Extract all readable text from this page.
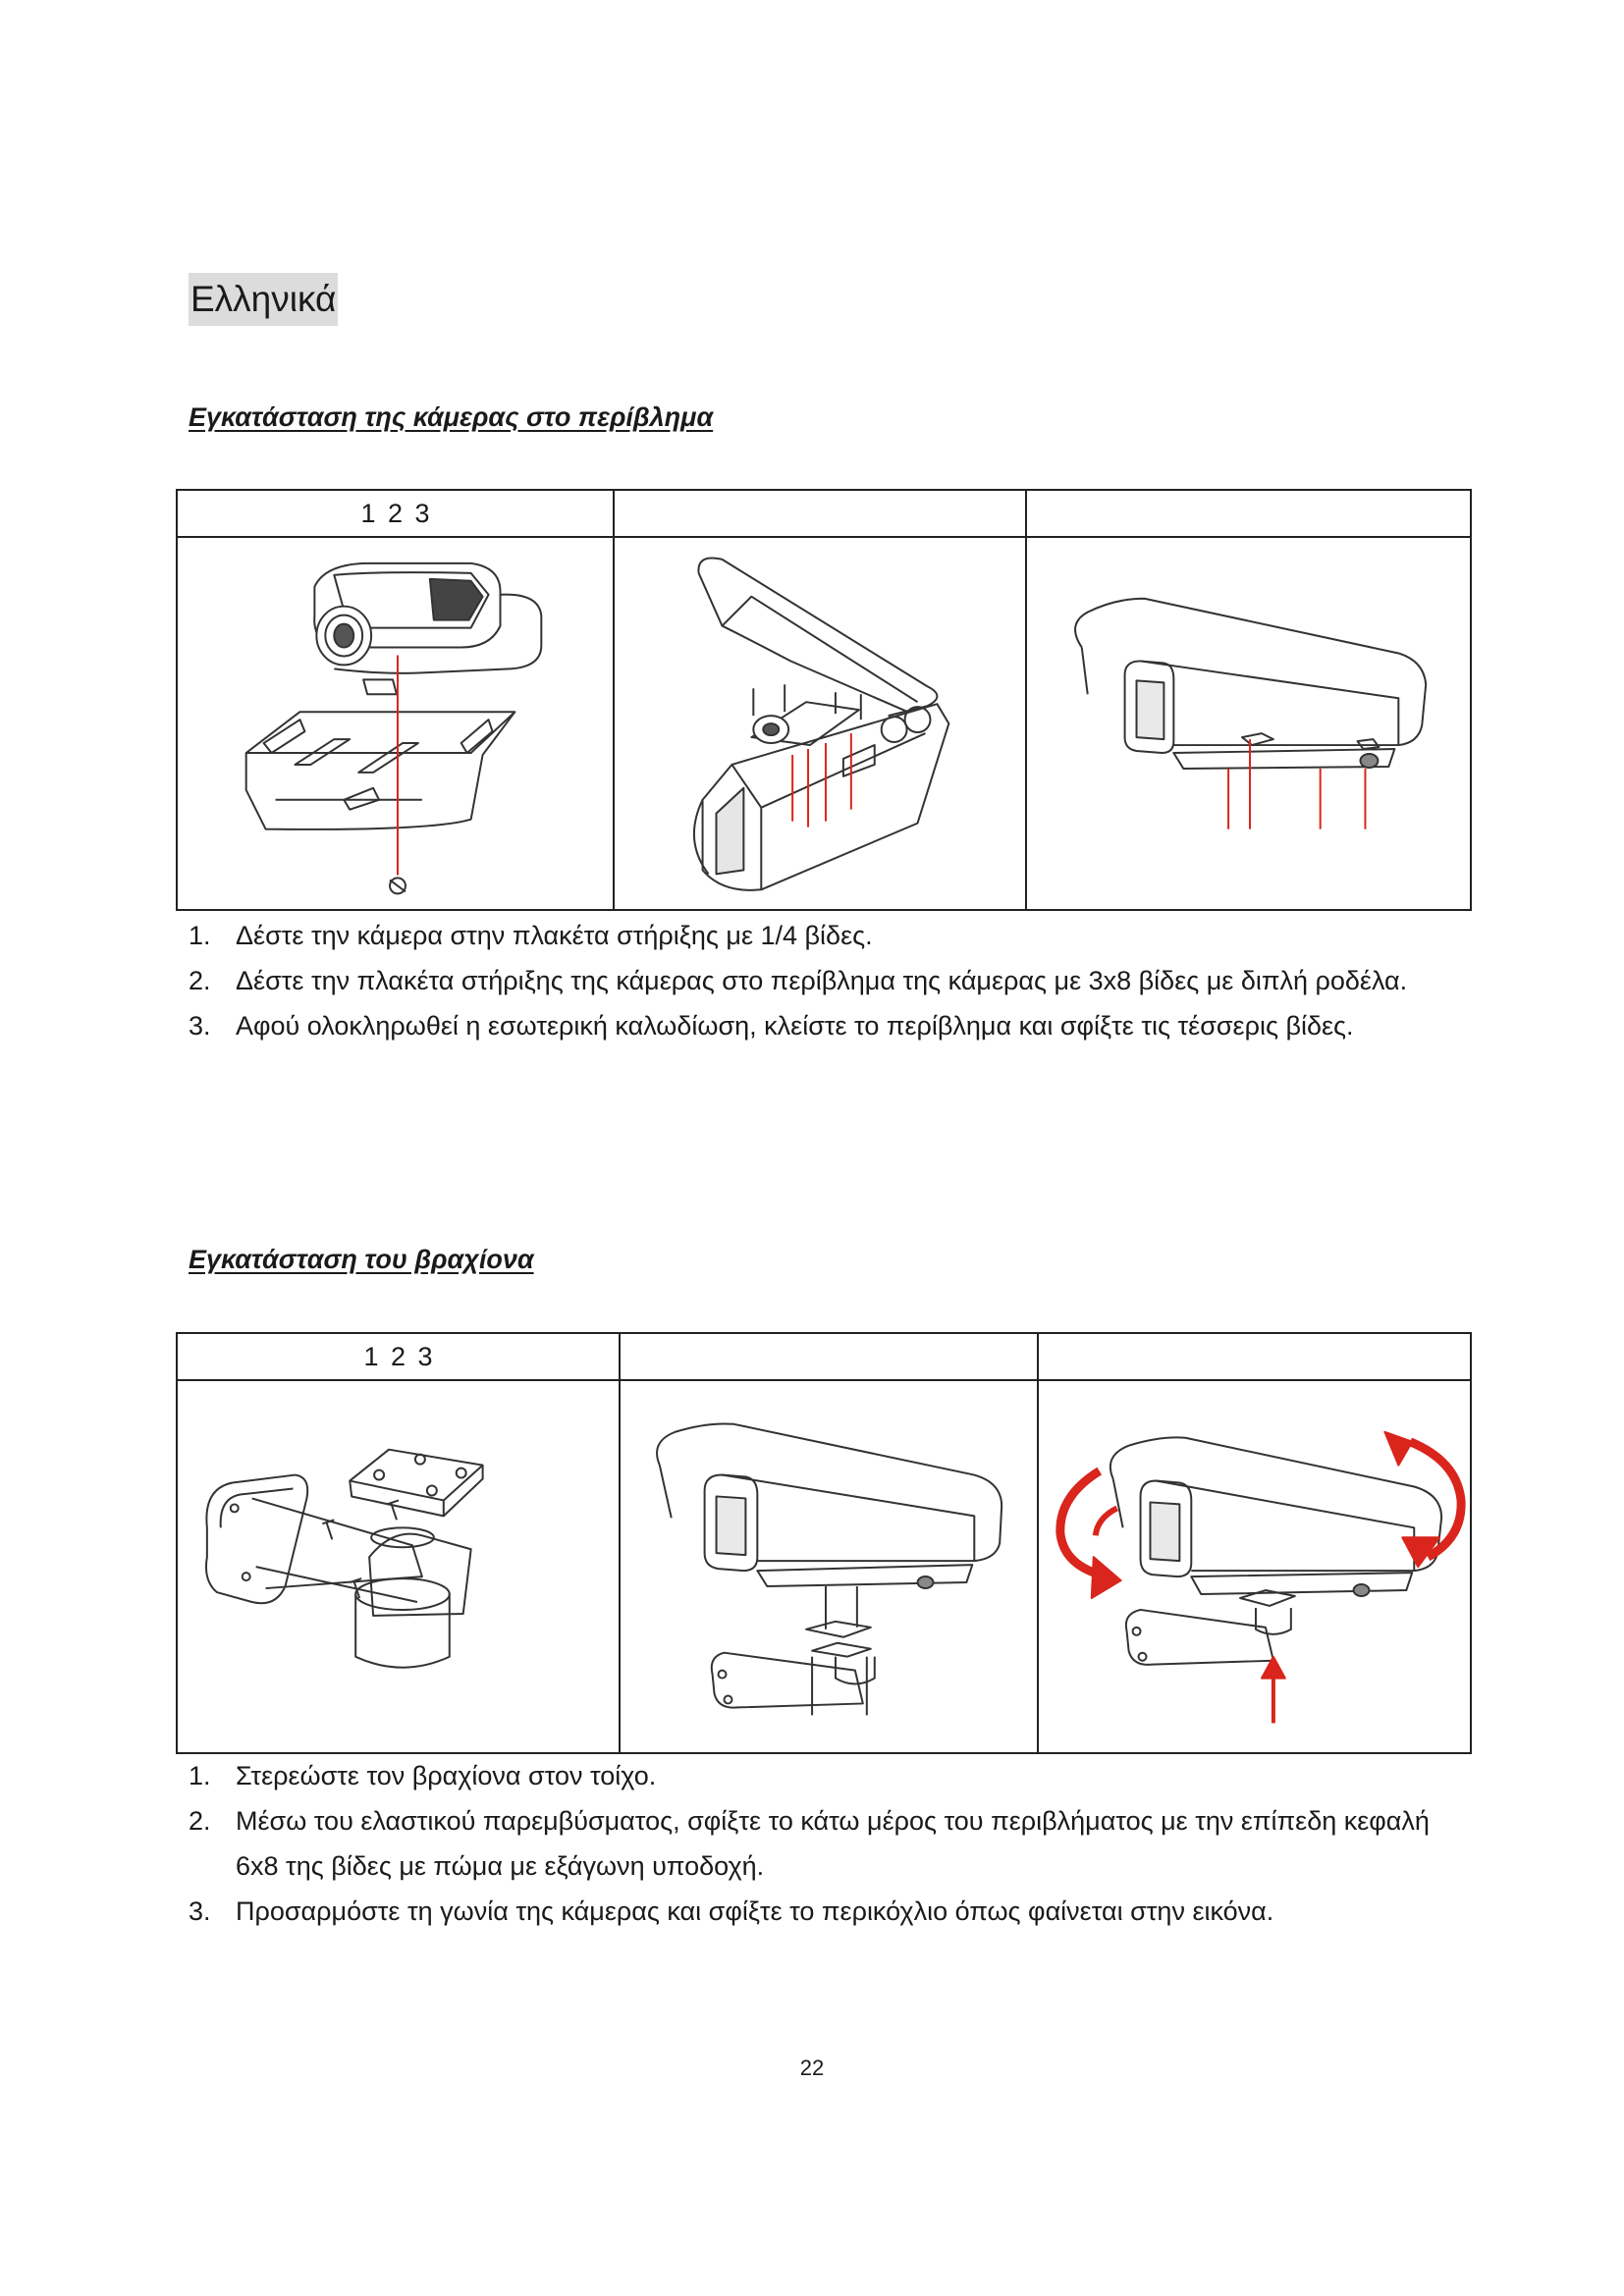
Ελληνικά
Εγκατάσταση της κάμερας στο περίβλημα
1 2 3		

1. Δέστε την κάμερα στην πλακέτα στήριξης με 1/4 βίδες.
2. Δέστε την πλακέτα στήριξης της κάμερας στο περίβλημα της κάμερας με 3x8 βίδες με διπλή ροδέλα.
3. Αφού ολοκληρωθεί η εσωτερική καλωδίωση, κλείστε το περίβλημα και σφίξτε τις τέσσερις βίδες.
Εγκατάσταση του βραχίονα
1 2 3		

1. Στερεώστε τον βραχίονα στον τοίχο.
2. Μέσω του ελαστικού παρεμβύσματος, σφίξτε το κάτω μέρος του περιβλήματος με την επίπεδη κεφαλή 6x8 της βίδες με πώμα με εξάγωνη υποδοχή.
3. Προσαρμόστε τη γωνία της κάμερας και σφίξτε το περικόχλιο όπως φαίνεται στην εικόνα.
22
